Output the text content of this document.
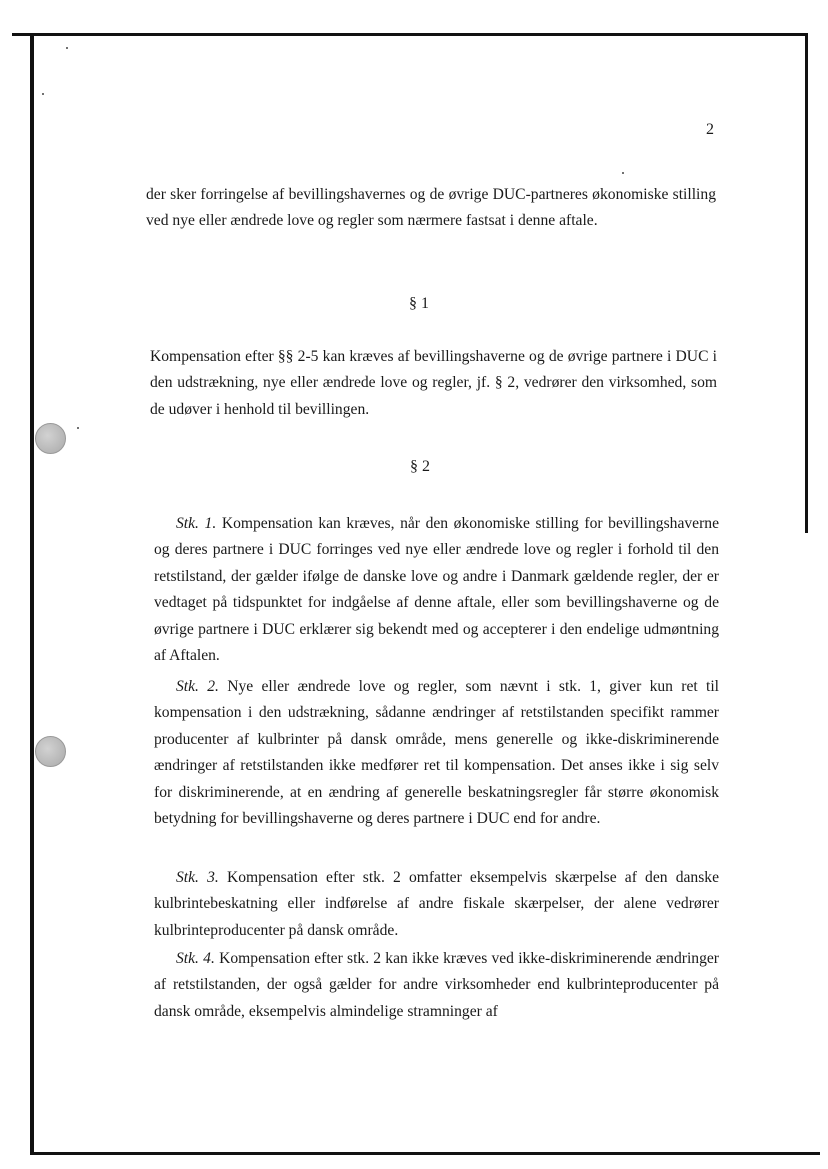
2

der sker forringelse af bevillingshavernes og de øvrige DUC-partneres økonomiske stilling ved nye eller ændrede love og regler som nærmere fastsat i denne aftale.

§ 1

Kompensation efter §§ 2-5 kan kræves af bevillingshaverne og de øvrige partnere i DUC i den udstrækning, nye eller ændrede love og regler, jf. § 2, vedrører den virksomhed, som de udøver i henhold til bevillingen.

§ 2

Stk. 1. Kompensation kan kræves, når den økonomiske stilling for bevillingshaverne og deres partnere i DUC forringes ved nye eller ændrede love og regler i forhold til den retstilstand, der gælder ifølge de danske love og andre i Danmark gældende regler, der er vedtaget på tidspunktet for indgåelse af denne aftale, eller som bevillingshaverne og de øvrige partnere i DUC erklærer sig bekendt med og accepterer i den endelige udmøntning af Aftalen.

Stk. 2. Nye eller ændrede love og regler, som nævnt i stk. 1, giver kun ret til kompensation i den udstrækning, sådanne ændringer af retstilstanden specifikt rammer producenter af kulbrinter på dansk område, mens generelle og ikke-diskriminerende ændringer af retstilstanden ikke medfører ret til kompensation. Det anses ikke i sig selv for diskriminerende, at en ændring af generelle beskatningsregler får større økonomisk betydning for bevillingshaverne og deres partnere i DUC end for andre.

Stk. 3. Kompensation efter stk. 2 omfatter eksempelvis skærpelse af den danske kulbrintebeskatning eller indførelse af andre fiskale skærpelser, der alene vedrører kulbrinteproducenter på dansk område.

Stk. 4. Kompensation efter stk. 2 kan ikke kræves ved ikke-diskriminerende ændringer af retstilstanden, der også gælder for andre virksomheder end kulbrinteproducenter på dansk område, eksempelvis almindelige stramninger af
